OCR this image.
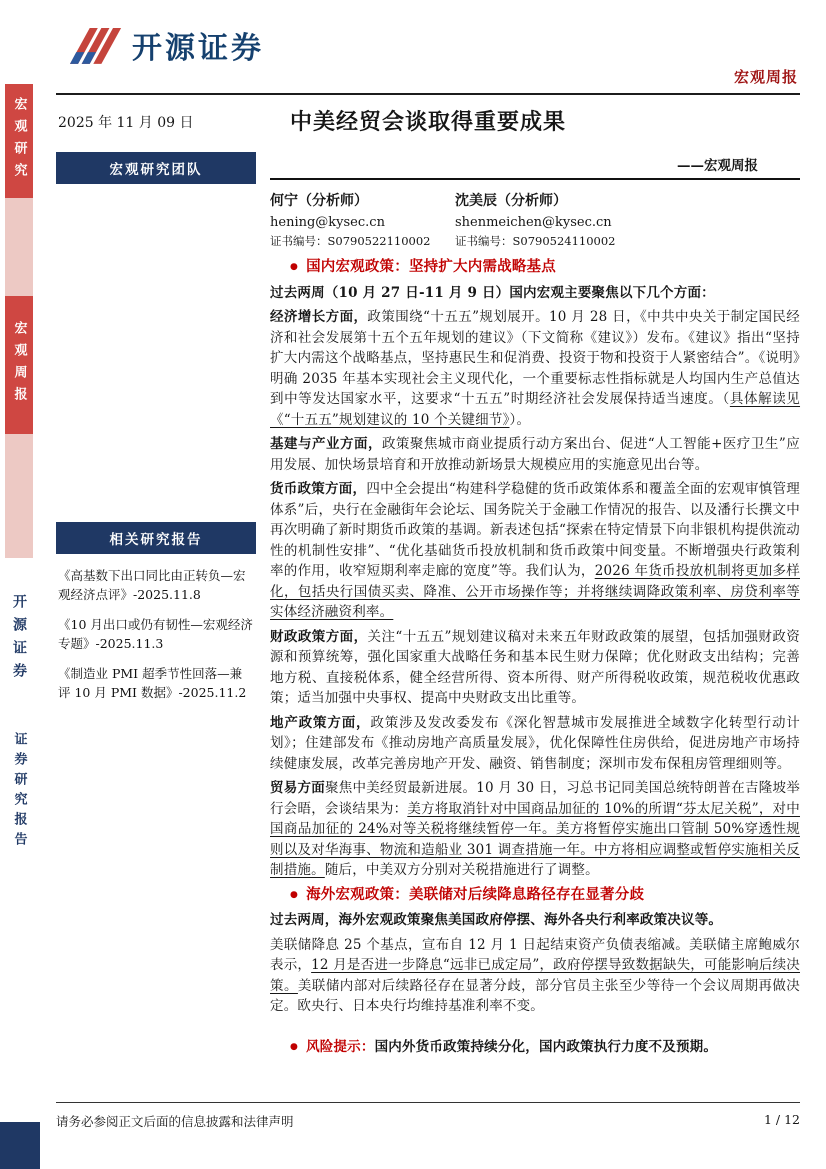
宏观研究
宏观周报
开源证券
证券研究报告
开源证券
宏观周报
2025 年 11 月 09 日	中美经贸会谈取得重要成果
宏观研究团队
相关研究报告
《高基数下出口同比由正转负—宏观经济点评》-2025.11.8
《10 月出口或仍有韧性—宏观经济专题》-2025.11.3
《制造业 PMI 超季节性回落—兼评 10 月 PMI 数据》-2025.11.2
——宏观周报
何宁（分析师）
hening@kysec.cn
证书编号：S0790522110002
沈美辰（分析师）
shenmeichen@kysec.cn
证书编号：S0790524110002
● 国内宏观政策：坚持扩大内需战略基点

过去两周（10 月 27 日-11 月 9 日）国内宏观主要聚焦以下几个方面：

经济增长方面，政策围绕“十五五”规划展开。10 月 28 日，《中共中央关于制定国民经济和社会发展第十五个五年规划的建议》（下文简称《建议》）发布。《建议》指出“坚持扩大内需这个战略基点，坚持惠民生和促消费、投资于物和投资于人紧密结合”。《说明》明确 2035 年基本实现社会主义现代化，一个重要标志性指标就是人均国内生产总值达到中等发达国家水平，这要求“十五五”时期经济社会发展保持适当速度。（具体解读见《“十五五”规划建议的 10 个关键细节》）。

基建与产业方面，政策聚焦城市商业提质行动方案出台、促进“人工智能+医疗卫生”应用发展、加快场景培育和开放推动新场景大规模应用的实施意见出台等。

货币政策方面，四中全会提出“构建科学稳健的货币政策体系和覆盖全面的宏观审慎管理体系”后，央行在金融街年会论坛、国务院关于金融工作情况的报告、以及潘行长撰文中再次明确了新时期货币政策的基调。新表述包括“探索在特定情景下向非银机构提供流动性的机制性安排”、“优化基础货币投放机制和货币政策中间变量。不断增强央行政策利率的作用，收窄短期利率走廊的宽度”等。我们认为，2026 年货币投放机制将更加多样化，包括央行国债买卖、降准、公开市场操作等；并将继续调降政策利率、房贷利率等实体经济融资利率。

财政政策方面，关注“十五五”规划建议稿对未来五年财政政策的展望，包括加强财政资源和预算统筹，强化国家重大战略任务和基本民生财力保障；优化财政支出结构；完善地方税、直接税体系，健全经营所得、资本所得、财产所得税收政策，规范税收优惠政策；适当加强中央事权、提高中央财政支出比重等。

地产政策方面，政策涉及发改委发布《深化智慧城市发展推进全域数字化转型行动计划》；住建部发布《推动房地产高质量发展》，优化保障性住房供给，促进房地产市场持续健康发展，改革完善房地产开发、融资、销售制度；深圳市发布保租房管理细则等。

贸易方面聚焦中美经贸最新进展。10 月 30 日，习总书记同美国总统特朗普在吉隆坡举行会晤，会谈结果为：美方将取消针对中国商品加征的 10%的所谓“芬太尼关税”，对中国商品加征的 24%对等关税将继续暂停一年。美方将暂停实施出口管制 50%穿透性规则以及对华海事、物流和造船业 301 调查措施一年。中方将相应调整或暂停实施相关反制措施。随后，中美双方分别对关税措施进行了调整。

● 海外宏观政策：美联储对后续降息路径存在显著分歧

过去两周，海外宏观政策聚焦美国政府停摆、海外各央行利率政策决议等。

美联储降息 25 个基点，宣布自 12 月 1 日起结束资产负债表缩减。美联储主席鲍威尔表示，12 月是否进一步降息“远非已成定局”，政府停摆导致数据缺失，可能影响后续决策。美联储内部对后续路径存在显著分歧，部分官员主张至少等待一个会议周期再做决定。欧央行、日本央行均维持基准利率不变。

● 风险提示：国内外货币政策持续分化，国内政策执行力度不及预期。
请务必参阅正文后面的信息披露和法律声明	1 / 12
